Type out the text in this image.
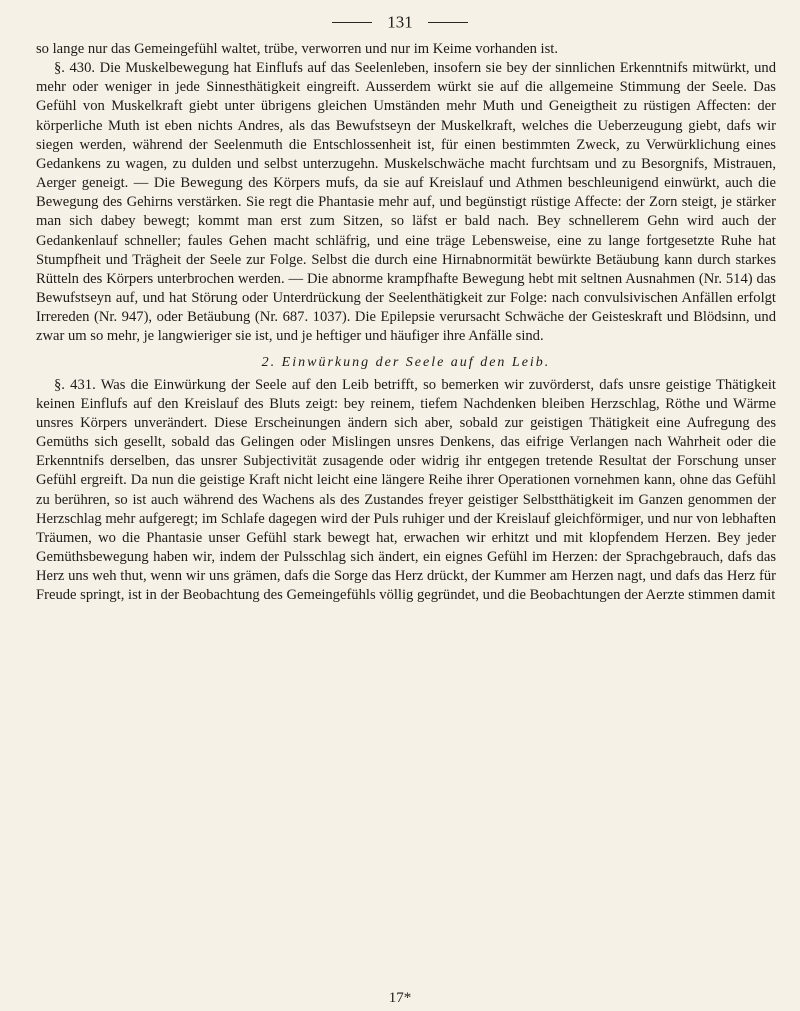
131

so lange nur das Gemeingefühl waltet, trübe, verworren und nur im Keime vorhanden ist.

§. 430. Die Muskelbewegung hat Einflufs auf das Seelenleben, insofern sie bey der sinnlichen Erkenntnifs mitwürkt, und mehr oder weniger in jede Sinnesthätigkeit eingreift. Ausserdem würkt sie auf die allgemeine Stimmung der Seele. Das Gefühl von Muskelkraft giebt unter übrigens gleichen Umständen mehr Muth und Geneigtheit zu rüstigen Affecten: der körperliche Muth ist eben nichts Andres, als das Bewufstseyn der Muskelkraft, welches die Ueberzeugung giebt, dafs wir siegen werden, während der Seelenmuth die Entschlossenheit ist, für einen bestimmten Zweck, zu Verwürklichung eines Gedankens zu wagen, zu dulden und selbst unterzugehn. Muskelschwäche macht furchtsam und zu Besorgnifs, Mistrauen, Aerger geneigt. — Die Bewegung des Körpers mufs, da sie auf Kreislauf und Athmen beschleunigend einwürkt, auch die Bewegung des Gehirns verstärken. Sie regt die Phantasie mehr auf, und begünstigt rüstige Affecte: der Zorn steigt, je stärker man sich dabey bewegt; kommt man erst zum Sitzen, so läfst er bald nach. Bey schnellerem Gehn wird auch der Gedankenlauf schneller; faules Gehen macht schläfrig, und eine träge Lebensweise, eine zu lange fortgesetzte Ruhe hat Stumpfheit und Trägheit der Seele zur Folge. Selbst die durch eine Hirnabnormität bewürkte Betäubung kann durch starkes Rütteln des Körpers unterbrochen werden. — Die abnorme krampfhafte Bewegung hebt mit seltnen Ausnahmen (Nr. 514) das Bewufstseyn auf, und hat Störung oder Unterdrückung der Seelenthätigkeit zur Folge: nach convulsivischen Anfällen erfolgt Irrereden (Nr. 947), oder Betäubung (Nr. 687. 1037). Die Epilepsie verursacht Schwäche der Geisteskraft und Blödsinn, und zwar um so mehr, je langwieriger sie ist, und je heftiger und häufiger ihre Anfälle sind.

2. Einwürkung der Seele auf den Leib.

§. 431. Was die Einwürkung der Seele auf den Leib betrifft, so bemerken wir zuvörderst, dafs unsre geistige Thätigkeit keinen Einflufs auf den Kreislauf des Bluts zeigt: bey reinem, tiefem Nachdenken bleiben Herzschlag, Röthe und Wärme unsres Körpers unverändert. Diese Erscheinungen ändern sich aber, sobald zur geistigen Thätigkeit eine Aufregung des Gemüths sich gesellt, sobald das Gelingen oder Mislingen unsres Denkens, das eifrige Verlangen nach Wahrheit oder die Erkenntnifs derselben, das unsrer Subjectivität zusagende oder widrig ihr entgegen tretende Resultat der Forschung unser Gefühl ergreift. Da nun die geistige Kraft nicht leicht eine längere Reihe ihrer Operationen vornehmen kann, ohne das Gefühl zu berühren, so ist auch während des Wachens als des Zustandes freyer geistiger Selbstthätigkeit im Ganzen genommen der Herzschlag mehr aufgeregt; im Schlafe dagegen wird der Puls ruhiger und der Kreislauf gleichförmiger, und nur von lebhaften Träumen, wo die Phantasie unser Gefühl stark bewegt hat, erwachen wir erhitzt und mit klopfendem Herzen. Bey jeder Gemüthsbewegung haben wir, indem der Pulsschlag sich ändert, ein eignes Gefühl im Herzen: der Sprachgebrauch, dafs das Herz uns weh thut, wenn wir uns grämen, dafs die Sorge das Herz drückt, der Kummer am Herzen nagt, und dafs das Herz für Freude springt, ist in der Beobachtung des Gemeingefühls völlig gegründet, und die Beobachtungen der Aerzte stimmen damit

17*
